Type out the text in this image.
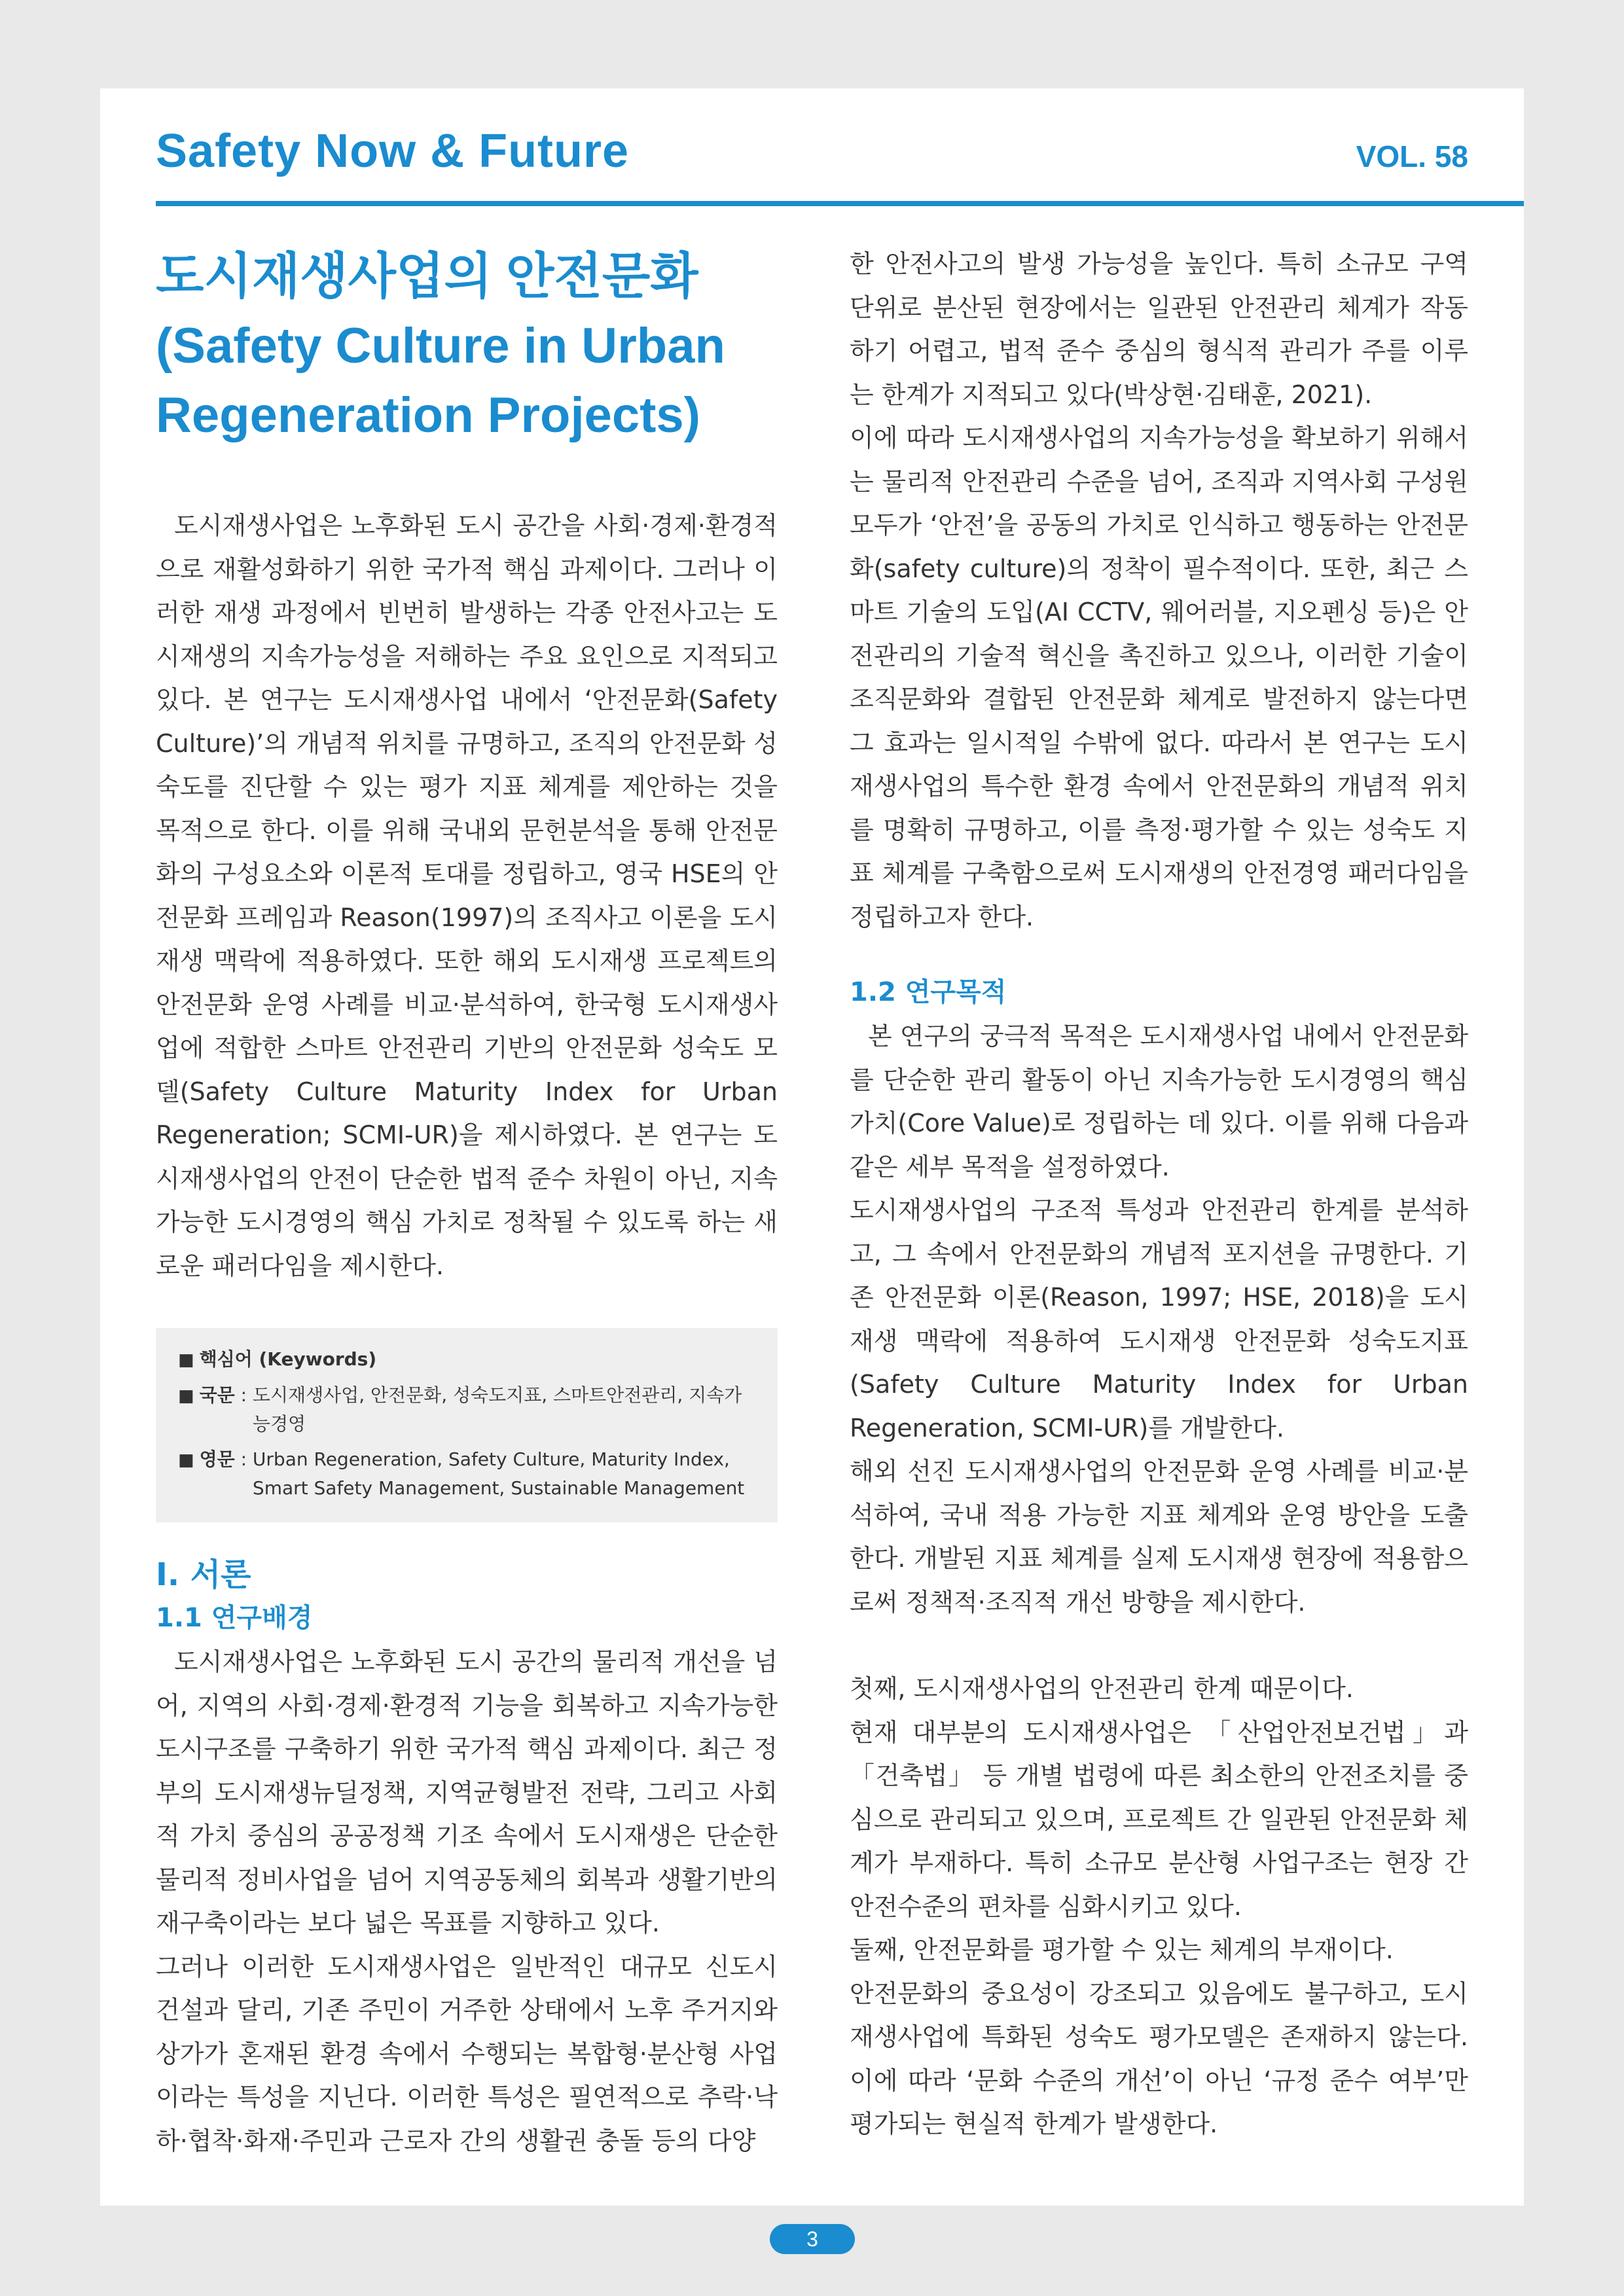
Safety Now & Future	VOL. 58
도시재생사업의 안전문화 (Safety Culture in Urban Regeneration Projects)

도시재생사업은 노후화된 도시 공간을 사회·경제·환경적으로 재활성화하기 위한 국가적 핵심 과제이다. 그러나 이러한 재생 과정에서 빈번히 발생하는 각종 안전사고는 도시재생의 지속가능성을 저해하는 주요 요인으로 지적되고 있다. 본 연구는 도시재생사업 내에서 ‘안전문화(Safety Culture)’의 개념적 위치를 규명하고, 조직의 안전문화 성숙도를 진단할 수 있는 평가 지표 체계를 제안하는 것을 목적으로 한다. 이를 위해 국내외 문헌분석을 통해 안전문화의 구성요소와 이론적 토대를 정립하고, 영국 HSE의 안전문화 프레임과 Reason(1997)의 조직사고 이론을 도시재생 맥락에 적용하였다. 또한 해외 도시재생 프로젝트의 안전문화 운영 사례를 비교·분석하여, 한국형 도시재생사업에 적합한 스마트 안전관리 기반의 안전문화 성숙도 모델(Safety Culture Maturity Index for Urban Regeneration; SCMI-UR)을 제시하였다. 본 연구는 도시재생사업의 안전이 단순한 법적 준수 차원이 아닌, 지속가능한 도시경영의 핵심 가치로 정착될 수 있도록 하는 새로운 패러다임을 제시한다.

■ 핵심어 (Keywords)
■ 국문 : 도시재생사업, 안전문화, 성숙도지표, 스마트안전관리, 지속가능경영
■ 영문 : Urban Regeneration, Safety Culture, Maturity Index, Smart Safety Management, Sustainable Management
Ⅰ. 서론
1.1 연구배경

도시재생사업은 노후화된 도시 공간의 물리적 개선을 넘어, 지역의 사회·경제·환경적 기능을 회복하고 지속가능한 도시구조를 구축하기 위한 국가적 핵심 과제이다. 최근 정부의 도시재생뉴딜정책, 지역균형발전 전략, 그리고 사회적 가치 중심의 공공정책 기조 속에서 도시재생은 단순한 물리적 정비사업을 넘어 지역공동체의 회복과 생활기반의 재구축이라는 보다 넓은 목표를 지향하고 있다.

그러나 이러한 도시재생사업은 일반적인 대규모 신도시 건설과 달리, 기존 주민이 거주한 상태에서 노후 주거지와 상가가 혼재된 환경 속에서 수행되는 복합형·분산형 사업이라는 특성을 지닌다. 이러한 특성은 필연적으로 추락·낙하·협착·화재·주민과 근로자 간의 생활권 충돌 등의 다양

한 안전사고의 발생 가능성을 높인다. 특히 소규모 구역 단위로 분산된 현장에서는 일관된 안전관리 체계가 작동하기 어렵고, 법적 준수 중심의 형식적 관리가 주를 이루는 한계가 지적되고 있다(박상현·김태훈, 2021).

이에 따라 도시재생사업의 지속가능성을 확보하기 위해서는 물리적 안전관리 수준을 넘어, 조직과 지역사회 구성원 모두가 ‘안전’을 공동의 가치로 인식하고 행동하는 안전문화(safety culture)의 정착이 필수적이다. 또한, 최근 스마트 기술의 도입(AI CCTV, 웨어러블, 지오펜싱 등)은 안전관리의 기술적 혁신을 촉진하고 있으나, 이러한 기술이 조직문화와 결합된 안전문화 체계로 발전하지 않는다면 그 효과는 일시적일 수밖에 없다. 따라서 본 연구는 도시재생사업의 특수한 환경 속에서 안전문화의 개념적 위치를 명확히 규명하고, 이를 측정·평가할 수 있는 성숙도 지표 체계를 구축함으로써 도시재생의 안전경영 패러다임을 정립하고자 한다.

1.2 연구목적

본 연구의 궁극적 목적은 도시재생사업 내에서 안전문화를 단순한 관리 활동이 아닌 지속가능한 도시경영의 핵심 가치(Core Value)로 정립하는 데 있다. 이를 위해 다음과 같은 세부 목적을 설정하였다.

도시재생사업의 구조적 특성과 안전관리 한계를 분석하고, 그 속에서 안전문화의 개념적 포지션을 규명한다. 기존 안전문화 이론(Reason, 1997; HSE, 2018)을 도시재생 맥락에 적용하여 도시재생 안전문화 성숙도지표(Safety Culture Maturity Index for Urban Regeneration, SCMI-UR)를 개발한다.

해외 선진 도시재생사업의 안전문화 운영 사례를 비교·분석하여, 국내 적용 가능한 지표 체계와 운영 방안을 도출한다. 개발된 지표 체계를 실제 도시재생 현장에 적용함으로써 정책적·조직적 개선 방향을 제시한다.

첫째, 도시재생사업의 안전관리 한계 때문이다.

현재 대부분의 도시재생사업은 「산업안전보건법」과 「건축법」 등 개별 법령에 따른 최소한의 안전조치를 중심으로 관리되고 있으며, 프로젝트 간 일관된 안전문화 체계가 부재하다. 특히 소규모 분산형 사업구조는 현장 간 안전수준의 편차를 심화시키고 있다.

둘째, 안전문화를 평가할 수 있는 체계의 부재이다.

안전문화의 중요성이 강조되고 있음에도 불구하고, 도시재생사업에 특화된 성숙도 평가모델은 존재하지 않는다. 이에 따라 ‘문화 수준의 개선’이 아닌 ‘규정 준수 여부’만 평가되는 현실적 한계가 발생한다.

3
